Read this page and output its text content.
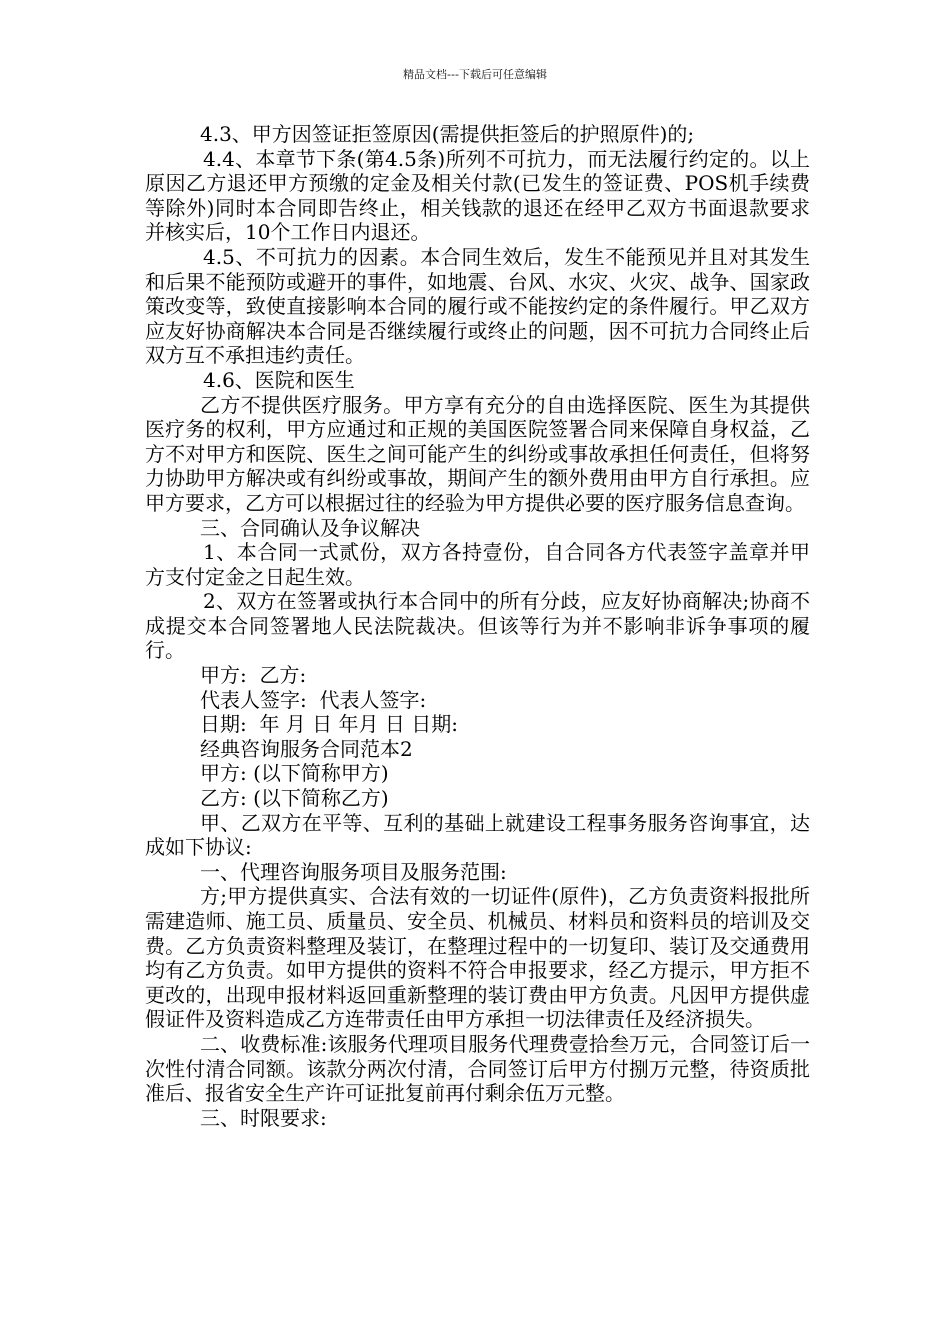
精品文档---下载后可任意编辑

4.3、甲方因签证拒签原因(需提供拒签后的护照原件)的;

4.4、本章节下条(第4.5条)所列不可抗力，而无法履行约定的。以上原因乙方退还甲方预缴的定金及相关付款(已发生的签证费、POS机手续费等除外)同时本合同即告终止，相关钱款的退还在经甲乙双方书面退款要求并核实后，10个工作日内退还。

4.5、不可抗力的因素。本合同生效后，发生不能预见并且对其发生和后果不能预防或避开的事件，如地震、台风、水灾、火灾、战争、国家政策改变等，致使直接影响本合同的履行或不能按约定的条件履行。甲乙双方应友好协商解决本合同是否继续履行或终止的问题，因不可抗力合同终止后双方互不承担违约责任。

4.6、医院和医生

乙方不提供医疗服务。甲方享有充分的自由选择医院、医生为其提供医疗务的权利，甲方应通过和正规的美国医院签署合同来保障自身权益，乙方不对甲方和医院、医生之间可能产生的纠纷或事故承担任何责任，但将努力协助甲方解决或有纠纷或事故，期间产生的额外费用由甲方自行承担。应甲方要求，乙方可以根据过往的经验为甲方提供必要的医疗服务信息查询。

三、合同确认及争议解决

1、本合同一式贰份，双方各持壹份，自合同各方代表签字盖章并甲方支付定金之日起生效。

2、双方在签署或执行本合同中的所有分歧，应友好协商解决;协商不成提交本合同签署地人民法院裁决。但该等行为并不影响非诉争事项的履行。

甲方:  乙方:

代表人签字:  代表人签字:

日期:  年 月 日 年月 日 日期:

经典咨询服务合同范本2

甲方: (以下简称甲方)

乙方: (以下简称乙方)

甲、乙双方在平等、互利的基础上就建设工程事务服务咨询事宜，达成如下协议:

一、代理咨询服务项目及服务范围:

方;甲方提供真实、合法有效的一切证件(原件)，乙方负责资料报批所需建造师、施工员、质量员、安全员、机械员、材料员和资料员的培训及交费。乙方负责资料整理及装订，在整理过程中的一切复印、装订及交通费用均有乙方负责。如甲方提供的资料不符合申报要求，经乙方提示，甲方拒不更改的，出现申报材料返回重新整理的装订费由甲方负责。凡因甲方提供虚假证件及资料造成乙方连带责任由甲方承担一切法律责任及经济损失。

二、收费标准:该服务代理项目服务代理费壹拾叁万元，合同签订后一次性付清合同额。该款分两次付清，合同签订后甲方付捌万元整，待资质批准后、报省安全生产许可证批复前再付剩余伍万元整。

三、时限要求:
